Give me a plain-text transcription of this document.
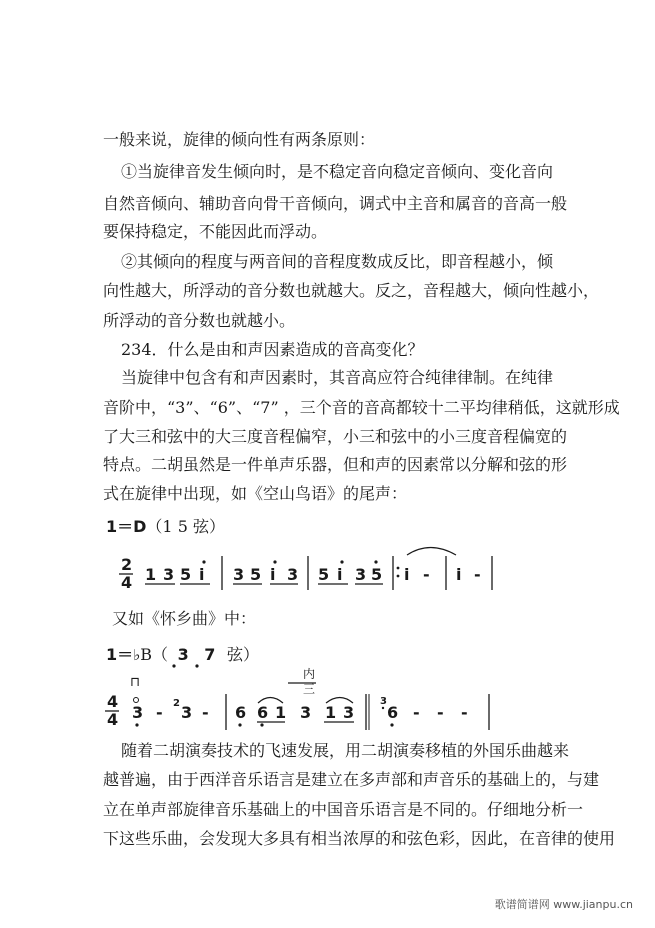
一般来说，旋律的倾向性有两条原则：
①当旋律音发生倾向时，是不稳定音向稳定音倾向、变化音向
自然音倾向、辅助音向骨干音倾向，调式中主音和属音的音高一般
要保持稳定，不能因此而浮动。
②其倾向的程度与两音间的音程度数成反比，即音程越小，倾
向性越大，所浮动的音分数也就越大。反之，音程越大，倾向性越小，
所浮动的音分数也就越小。
234．什么是由和声因素造成的音高变化？
当旋律中包含有和声因素时，其音高应符合纯律律制。在纯律
音阶中，“3”、“6”、“7” ，三个音的音高都较十二平均律稍低，这就形成
了大三和弦中的大三度音程偏窄，小三和弦中的小三度音程偏宽的
特点。二胡虽然是一件单声乐器，但和声的因素常以分解和弦的形
式在旋律中出现，如《空山鸟语》的尾声：
1＝D（1 5 弦）
2
4 1 3 5 i 3 5 i 3 5 i 3 5 i - i -
又如《怀乡曲》中：
1＝♭B（ 3 7 弦）
4
4
⊓
3 - 2 3 - 6 6 1
内
三
3 1 3
3
6 - - -
随着二胡演奏技术的飞速发展，用二胡演奏移植的外国乐曲越来
越普遍，由于西洋音乐语言是建立在多声部和声音乐的基础上的，与建
立在单声部旋律音乐基础上的中国音乐语言是不同的。仔细地分析一
下这些乐曲，会发现大多具有相当浓厚的和弦色彩，因此，在音律的使用
歌谱简谱网 www.jianpu.cn
